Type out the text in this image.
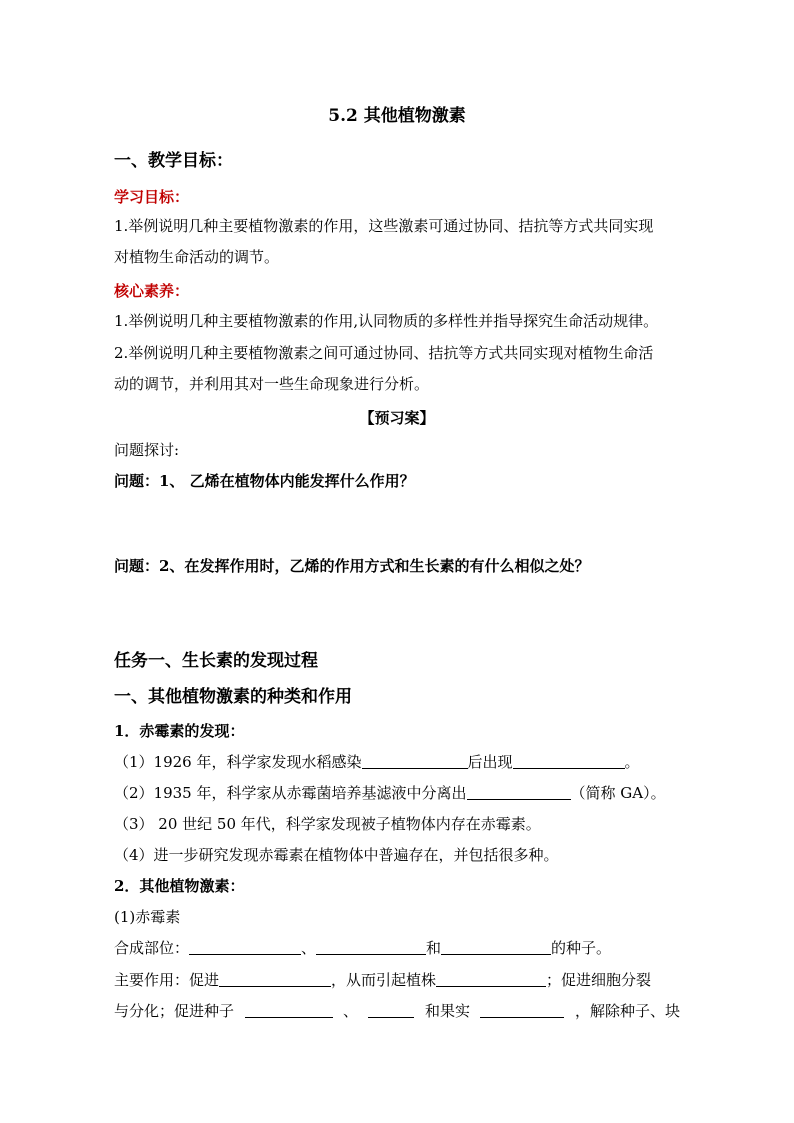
5.2 其他植物激素
一、教学目标：
学习目标：
1.举例说明几种主要植物激素的作用，这些激素可通过协同、拮抗等方式共同实现
对植物生命活动的调节。
核心素养：
1.举例说明几种主要植物激素的作用,认同物质的多样性并指导探究生命活动规律。
2.举例说明几种主要植物激素之间可通过协同、拮抗等方式共同实现对植物生命活
动的调节，并利用其对一些生命现象进行分析。
【预习案】
问题探讨:
问题：1、 乙烯在植物体内能发挥什么作用？
问题：2、在发挥作用时，乙烯的作用方式和生长素的有什么相似之处？
任务一、生长素的发现过程
一、其他植物激素的种类和作用
1．赤霉素的发现：
（1）1926 年，科学家发现水稻感染	后出现	。
（2）1935 年，科学家从赤霉菌培养基滤液中分离出	（简称 GA）。
（3） 20 世纪 50 年代，科学家发现被子植物体内存在赤霉素。
（4）进一步研究发现赤霉素在植物体中普遍存在，并包括很多种。
2．其他植物激素：
(1)赤霉素
合成部位：	、	和	的种子。
主要作用：促进	，从而引起植株	；促进细胞分裂
与分化；促进种子	、	和果实	，解除种子、块
